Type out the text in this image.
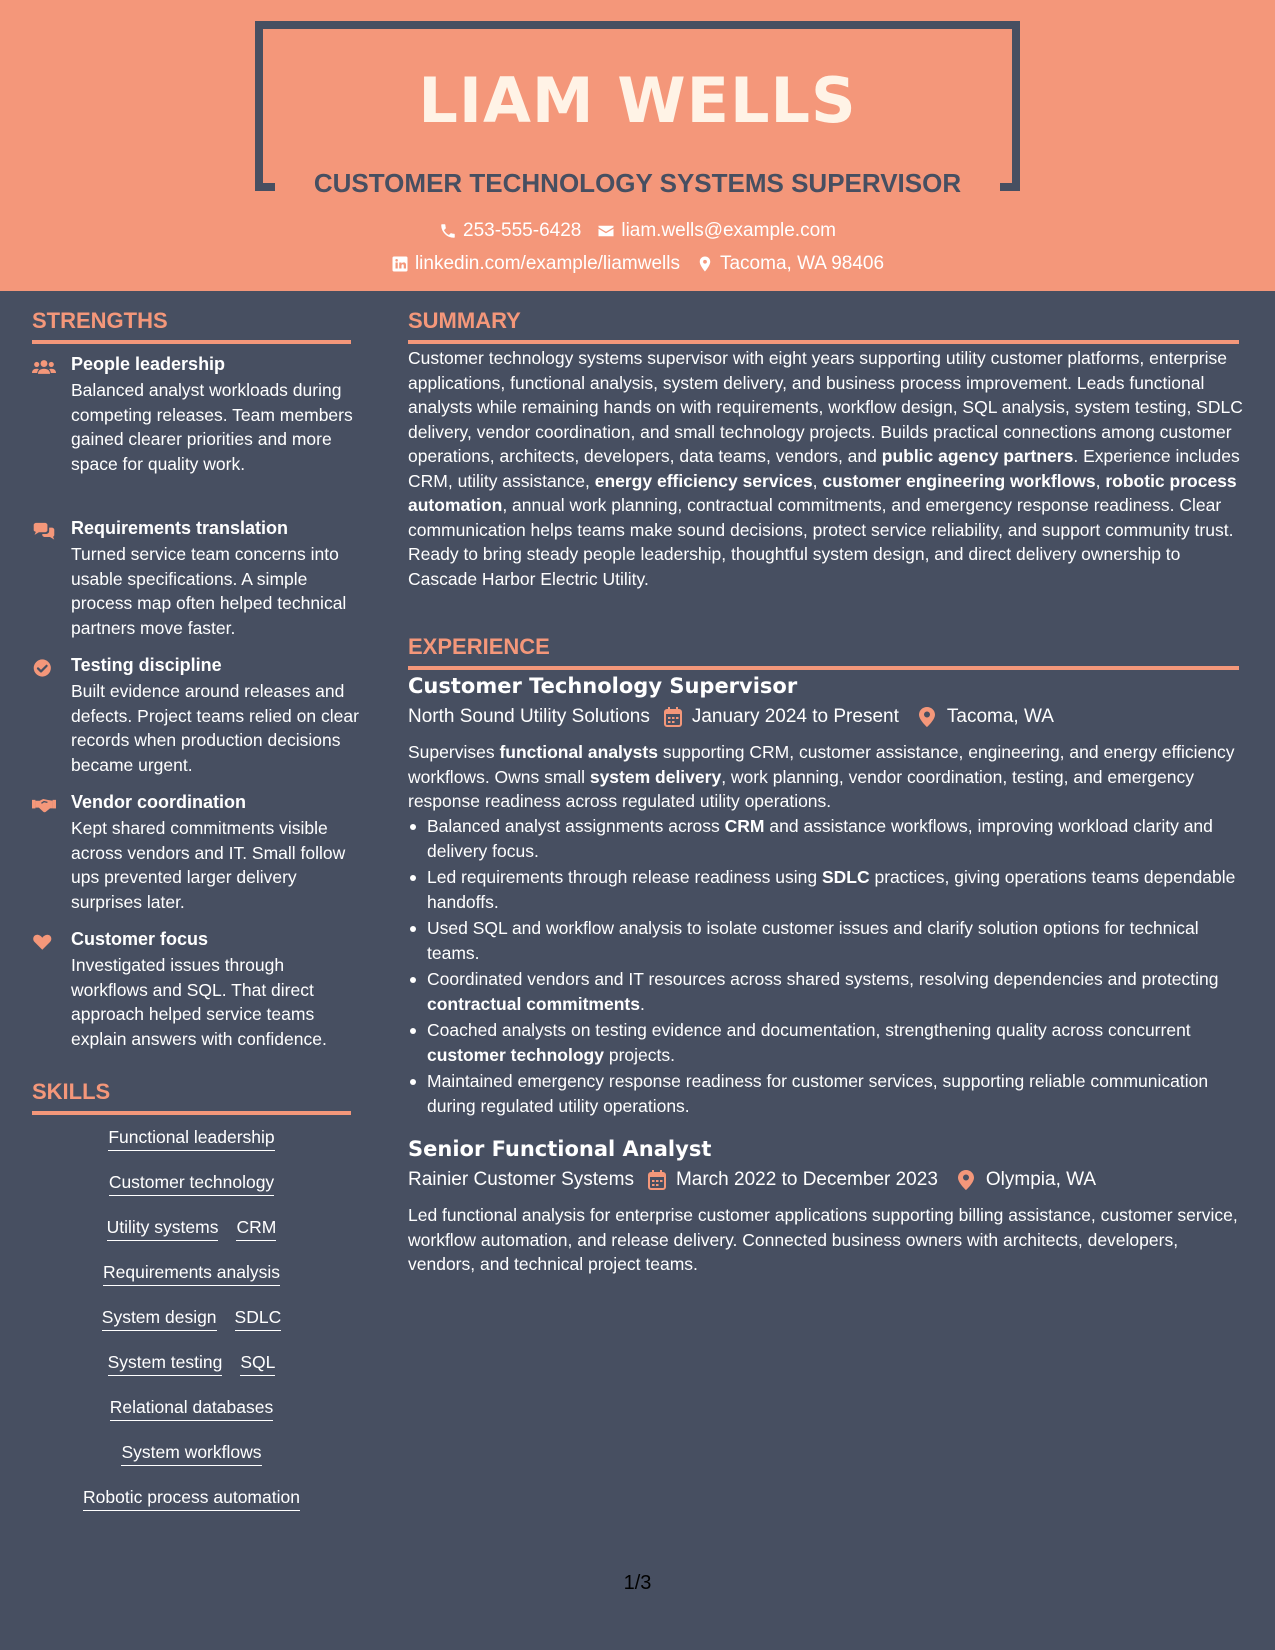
LIAM WELLS
CUSTOMER TECHNOLOGY SYSTEMS SUPERVISOR
253-555-6428 liam.wells@example.com
linkedin.com/example/liamwells Tacoma, WA 98406
STRENGTHS
People leadership
Balanced analyst workloads during competing releases. Team members gained clearer priorities and more space for quality work.
Requirements translation
Turned service team concerns into usable specifications. A simple process map often helped technical partners move faster.
Testing discipline
Built evidence around releases and defects. Project teams relied on clear records when production decisions became urgent.
Vendor coordination
Kept shared commitments visible across vendors and IT. Small follow ups prevented larger delivery surprises later.
Customer focus
Investigated issues through workflows and SQL. That direct approach helped service teams explain answers with confidence.
SKILLS
Functional leadership
Customer technology
Utility systems CRM
Requirements analysis
System design SDLC
System testing SQL
Relational databases
System workflows
Robotic process automation
SUMMARY

Customer technology systems supervisor with eight years supporting utility customer platforms, enterprise applications, functional analysis, system delivery, and business process improvement. Leads functional analysts while remaining hands on with requirements, workflow design, SQL analysis, system testing, SDLC delivery, vendor coordination, and small technology projects. Builds practical connections among customer operations, architects, developers, data teams, vendors, and public agency partners. Experience includes CRM, utility assistance, energy efficiency services, customer engineering workflows, robotic process automation, annual work planning, contractual commitments, and emergency response readiness. Clear communication helps teams make sound decisions, protect service reliability, and support community trust. Ready to bring steady people leadership, thoughtful system design, and direct delivery ownership to Cascade Harbor Electric Utility.

EXPERIENCE
Customer Technology Supervisor
North Sound Utility Solutions January 2024 to Present	Tacoma, WA

Supervises functional analysts supporting CRM, customer assistance, engineering, and energy efficiency workflows. Owns small system delivery, work planning, vendor coordination, testing, and emergency response readiness across regulated utility operations.

Balanced analyst assignments across CRM and assistance workflows, improving workload clarity and delivery focus.
Led requirements through release readiness using SDLC practices, giving operations teams dependable handoffs.
Used SQL and workflow analysis to isolate customer issues and clarify solution options for technical teams.
Coordinated vendors and IT resources across shared systems, resolving dependencies and protecting contractual commitments.
Coached analysts on testing evidence and documentation, strengthening quality across concurrent customer technology projects.
Maintained emergency response readiness for customer services, supporting reliable communication during regulated utility operations.
Senior Functional Analyst
Rainier Customer Systems March 2022 to December 2023	Olympia, WA

Led functional analysis for enterprise customer applications supporting billing assistance, customer service, workflow automation, and release delivery. Connected business owners with architects, developers, vendors, and technical project teams.

1/3
